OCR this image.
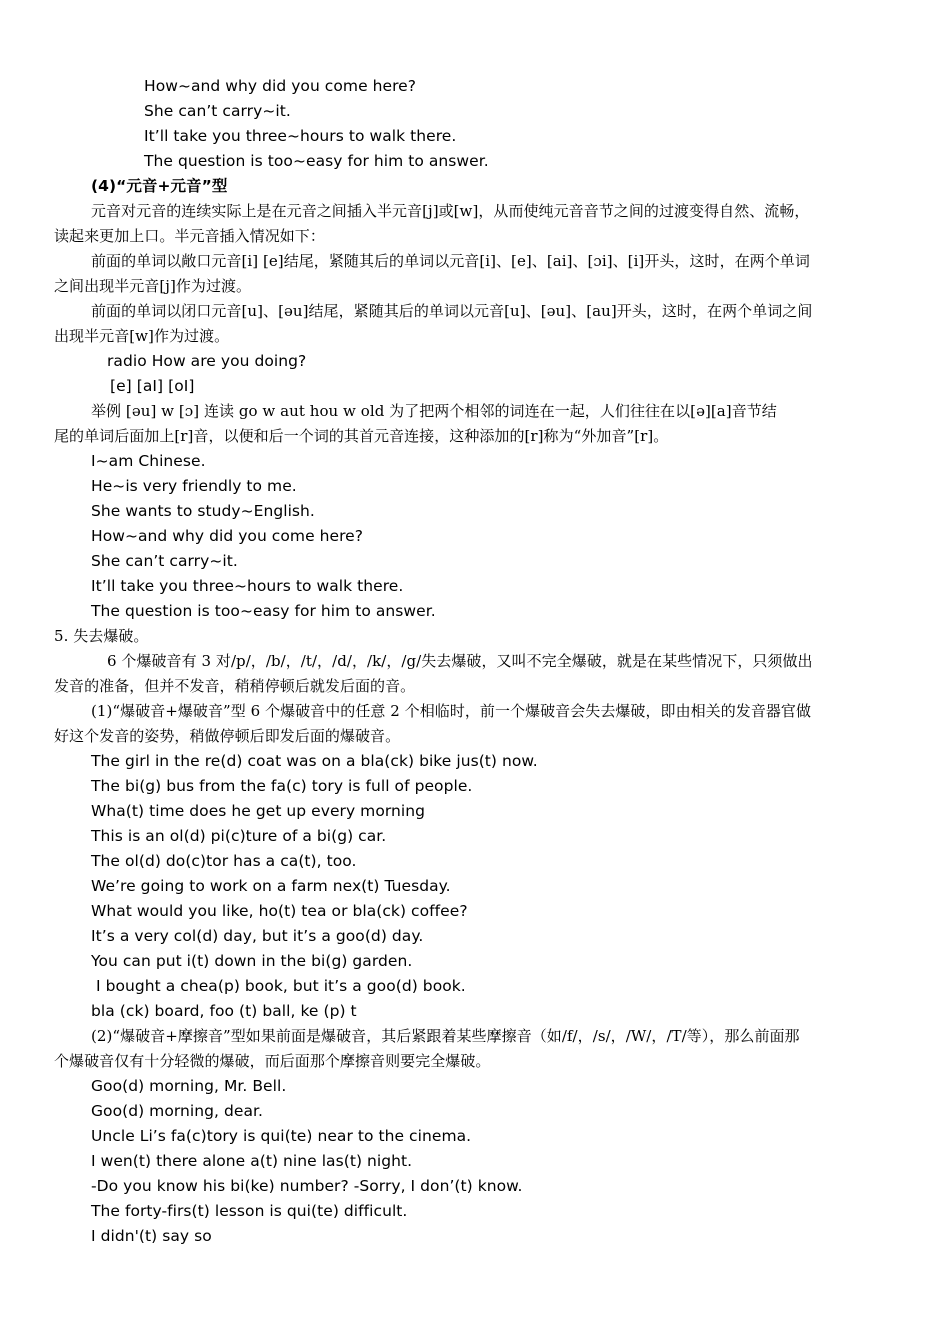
How~and why did you come here?
She can’t carry~it.
It’ll take you three~hours to walk there.
The question is too~easy for him to answer.
(4)“元音+元音”型
元音对元音的连续实际上是在元音之间插入半元音[j]或[w]，从而使纯元音音节之间的过渡变得自然、流畅，
读起来更加上口。半元音插入情况如下：
前面的单词以敞口元音[i] [e]结尾，紧随其后的单词以元音[i]、[e]、[ai]、[ɔi]、[i]开头，这时，在两个单词
之间出现半元音[j]作为过渡。
前面的单词以闭口元音[u]、[əu]结尾，紧随其后的单词以元音[u]、[əu]、[au]开头，这时，在两个单词之间
出现半元音[w]作为过渡。
radio How are you doing?
[e] [aI] [oI]
举例 [əu] w [ɔ] 连读 go w aut hou w old 为了把两个相邻的词连在一起，人们往往在以[ə][a]音节结
尾的单词后面加上[r]音，以便和后一个词的其首元音连接，这种添加的[r]称为“外加音”[r]。
I~am Chinese.
He~is very friendly to me.
She wants to study~English.
How~and why did you come here?
She can’t carry~it.
It’ll take you three~hours to walk there.
The question is too~easy for him to answer.
5. 失去爆破。
6 个爆破音有 3 对/p/，/b/，/t/，/d/，/k/，/g/失去爆破，又叫不完全爆破，就是在某些情况下，只须做出
发音的准备，但并不发音，稍稍停顿后就发后面的音。
(1)“爆破音+爆破音”型 6 个爆破音中的任意 2 个相临时，前一个爆破音会失去爆破，即由相关的发音器官做
好这个发音的姿势，稍做停顿后即发后面的爆破音。
The girl in the re(d) coat was on a bla(ck) bike jus(t) now.
The bi(g) bus from the fa(c) tory is full of people.
Wha(t) time does he get up every morning
This is an ol(d) pi(c)ture of a bi(g) car.
The ol(d) do(c)tor has a ca(t), too.
We’re going to work on a farm nex(t) Tuesday.
What would you like, ho(t) tea or bla(ck) coffee?
It’s a very col(d) day, but it’s a goo(d) day.
You can put i(t) down in the bi(g) garden.
I bought a chea(p) book, but it’s a goo(d) book.
bla (ck) board, foo (t) ball, ke (p) t
(2)“爆破音+摩擦音”型如果前面是爆破音，其后紧跟着某些摩擦音（如/f/，/s/，/W/，/T/等），那么前面那
个爆破音仅有十分轻微的爆破，而后面那个摩擦音则要完全爆破。
Goo(d) morning, Mr. Bell.
Goo(d) morning, dear.
Uncle Li’s fa(c)tory is qui(te) near to the cinema.
I wen(t) there alone a(t) nine las(t) night.
-Do you know his bi(ke) number? -Sorry, I don’(t) know.
The forty-firs(t) lesson is qui(te) difficult.
I didn'(t) say so
